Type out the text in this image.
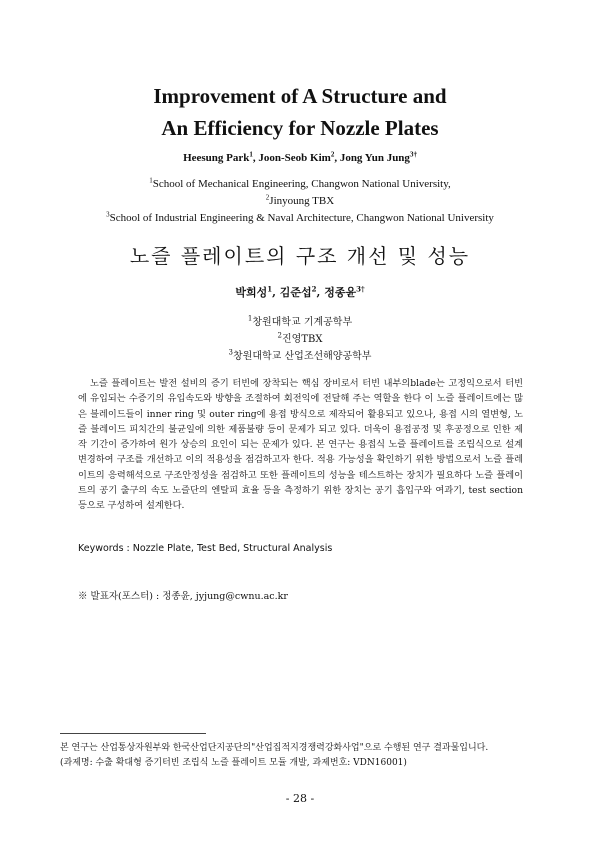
Improvement of A Structure and
An Efficiency for Nozzle Plates
Heesung Park$^1$, Joon-Seob Kim$^2$, Jong Yun Jung$^{3\dagger}$
$^1$School of Mechanical Engineering, Changwon National University,
$^2$Jinyoung TBX
$^3$School of Industrial Engineering & Naval Architecture, Changwon National University
노즐 플레이트의 구조 개선 및 성능
박희성$^1$, 김준섭$^2$, 정종윤$^{3\dagger}$
$^1$창원대학교 기계공학부
$^2$진영TBX
$^3$창원대학교 산업조선해양공학부

노즐 플레이트는 발전 설비의 증기 터빈에 장착되는 핵심 장비로서 터빈 내부의blade는 고정익으로서 터빈에 유입되는 수증기의 유입속도와 방향을 조절하여 회전익에 전달해 주는 역할을 한다 이 노즐 플레이트에는 많은 블레이드들이 inner ring 및 outer ring에 용접 방식으로 제작되어 활용되고 있으나, 용접 시의 열변형, 노즐 블레이드 피치간의 불균일에 의한 제품불량 등이 문제가 되고 있다. 더욱이 용접공정 및 후공정으로 인한 제작 기간이 증가하여 원가 상승의 요인이 되는 문제가 있다. 본 연구는 용접식 노즐 플레이트를 조립식으로 설계 변경하여 구조를 개선하고 이의 적용성을 점검하고자 한다. 적용 가능성을 확인하기 위한 방법으로서 노즐 플레이트의 응력해석으로 구조안정성을 점검하고 또한 플레이트의 성능을 테스트하는 장치가 필요하다 노즐 플레이트의 공기 출구의 속도 노즐단의 엔탈피 효율 등을 측정하기 위한 장치는 공기 흡입구와 여과기, test section 등으로 구성하여 설계한다.

Keywords : Nozzle Plate, Test Bed, Structural Analysis
※ 발표자(포스터) : 정종윤, jyjung@cwnu.ac.kr
본 연구는 산업통상자원부와 한국산업단지공단의"산업집적지경쟁력강화사업"으로 수행된 연구 결과물입니다.
(과제명: 수출 확대형 증기터빈 조립식 노즐 플레이트 모듈 개발, 과제번호: VDN16001)
- 28 -
